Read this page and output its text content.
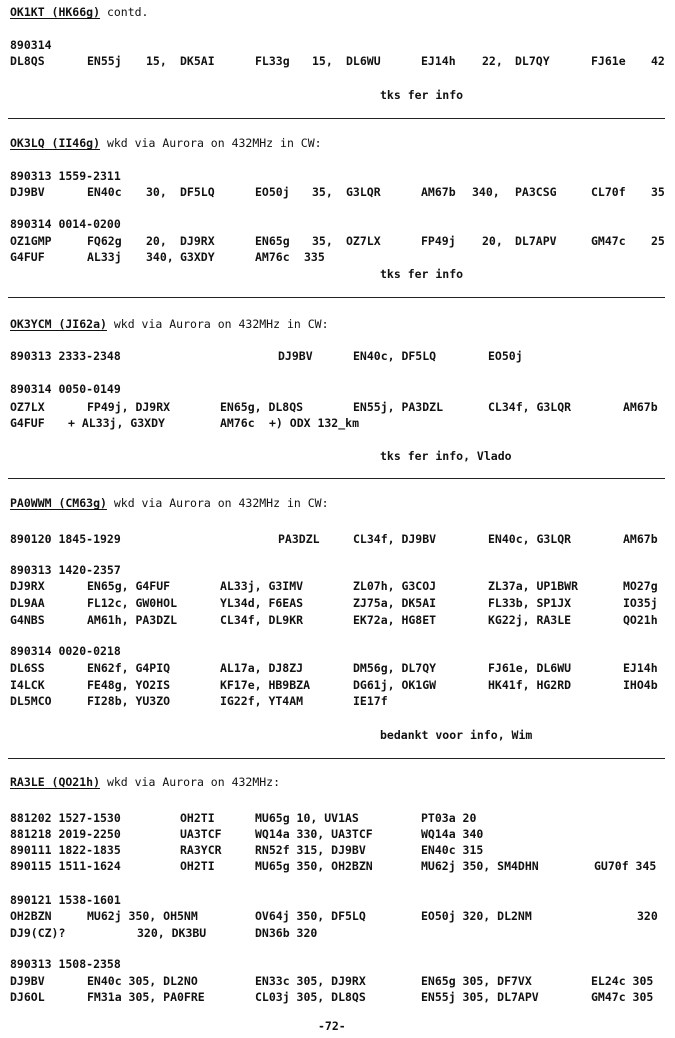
OK1KT (HK66g) contd.
890314
DL8QS	EN55j 15, DK5AI	FL33g 15, DL6WU	EJ14h 22, DL7QY	FJ61e 42
tks fer info
OK3LQ (II46g) wkd via Aurora on 432MHz in CW:
890313 1559-2311
DJ9BV	EN40c 30, DF5LQ	EO50j 35, G3LQR	AM67b 340, PA3CSG	CL70f 35
890314 0014-0200
OZ1GMP	FQ62g 20, DJ9RX	EN65g 35, OZ7LX	FP49j 20, DL7APV	GM47c 25
G4FUF	AL33j 340, G3XDY	AM76c 335
tks fer info
OK3YCM (JI62a) wkd via Aurora on 432MHz in CW:
890313 2333-2348	DJ9BV	EN40c, DF5LQ	EO50j
890314 0050-0149
OZ7LX	FP49j, DJ9RX	EN65g, DL8QS	EN55j, PA3DZL	CL34f, G3LQR	AM67b
G4FUF + AL33j, G3XDY	AM76c +) ODX 132_km
tks fer info, Vlado
PA0WWM (CM63g) wkd via Aurora on 432MHz in CW:
890120 1845-1929	PA3DZL	CL34f, DJ9BV	EN40c, G3LQR	AM67b
890313 1420-2357
DJ9RX	EN65g, G4FUF	AL33j, G3IMV	ZL07h, G3COJ	ZL37a, UP1BWR	MO27g
DL9AA	FL12c, GW0HOL	YL34d, F6EAS	ZJ75a, DK5AI	FL33b, SP1JX	IO35j
G4NBS	AM61h, PA3DZL	CL34f, DL9KR	EK72a, HG8ET	KG22j, RA3LE	QO21h
890314 0020-0218
DL6SS	EN62f, G4PIQ	AL17a, DJ8ZJ	DM56g, DL7QY	FJ61e, DL6WU	EJ14h
I4LCK	FE48g, YO2IS	KF17e, HB9BZA	DG61j, OK1GW	HK41f, HG2RD	IHO4b
DL5MCO	FI28b, YU3ZO	IG22f, YT4AM	IE17f
bedankt voor info, Wim
RA3LE (QO21h) wkd via Aurora on 432MHz:
881202 1527-1530	OH2TI	MU65g 10, UV1AS	PT03a 20
881218 2019-2250	UA3TCF	WQ14a 330, UA3TCF	WQ14a 340
890111 1822-1835	RA3YCR	RN52f 315, DJ9BV	EN40c 315
890115 1511-1624	OH2TI	MU65g 350, OH2BZN	MU62j 350, SM4DHN	GU70f 345
890121 1538-1601
OH2BZN	MU62j 350, OH5NM	OV64j 350, DF5LQ	EO50j 320, DL2NM	320
DJ9(CZ)?	320, DK3BU	DN36b 320
890313 1508-2358
DJ9BV	EN40c 305, DL2NO	EN33c 305, DJ9RX	EN65g 305, DF7VX	EL24c 305
DJ6OL	FM31a 305, PA0FRE	CL03j 305, DL8QS	EN55j 305, DL7APV	GM47c 305
-72-
